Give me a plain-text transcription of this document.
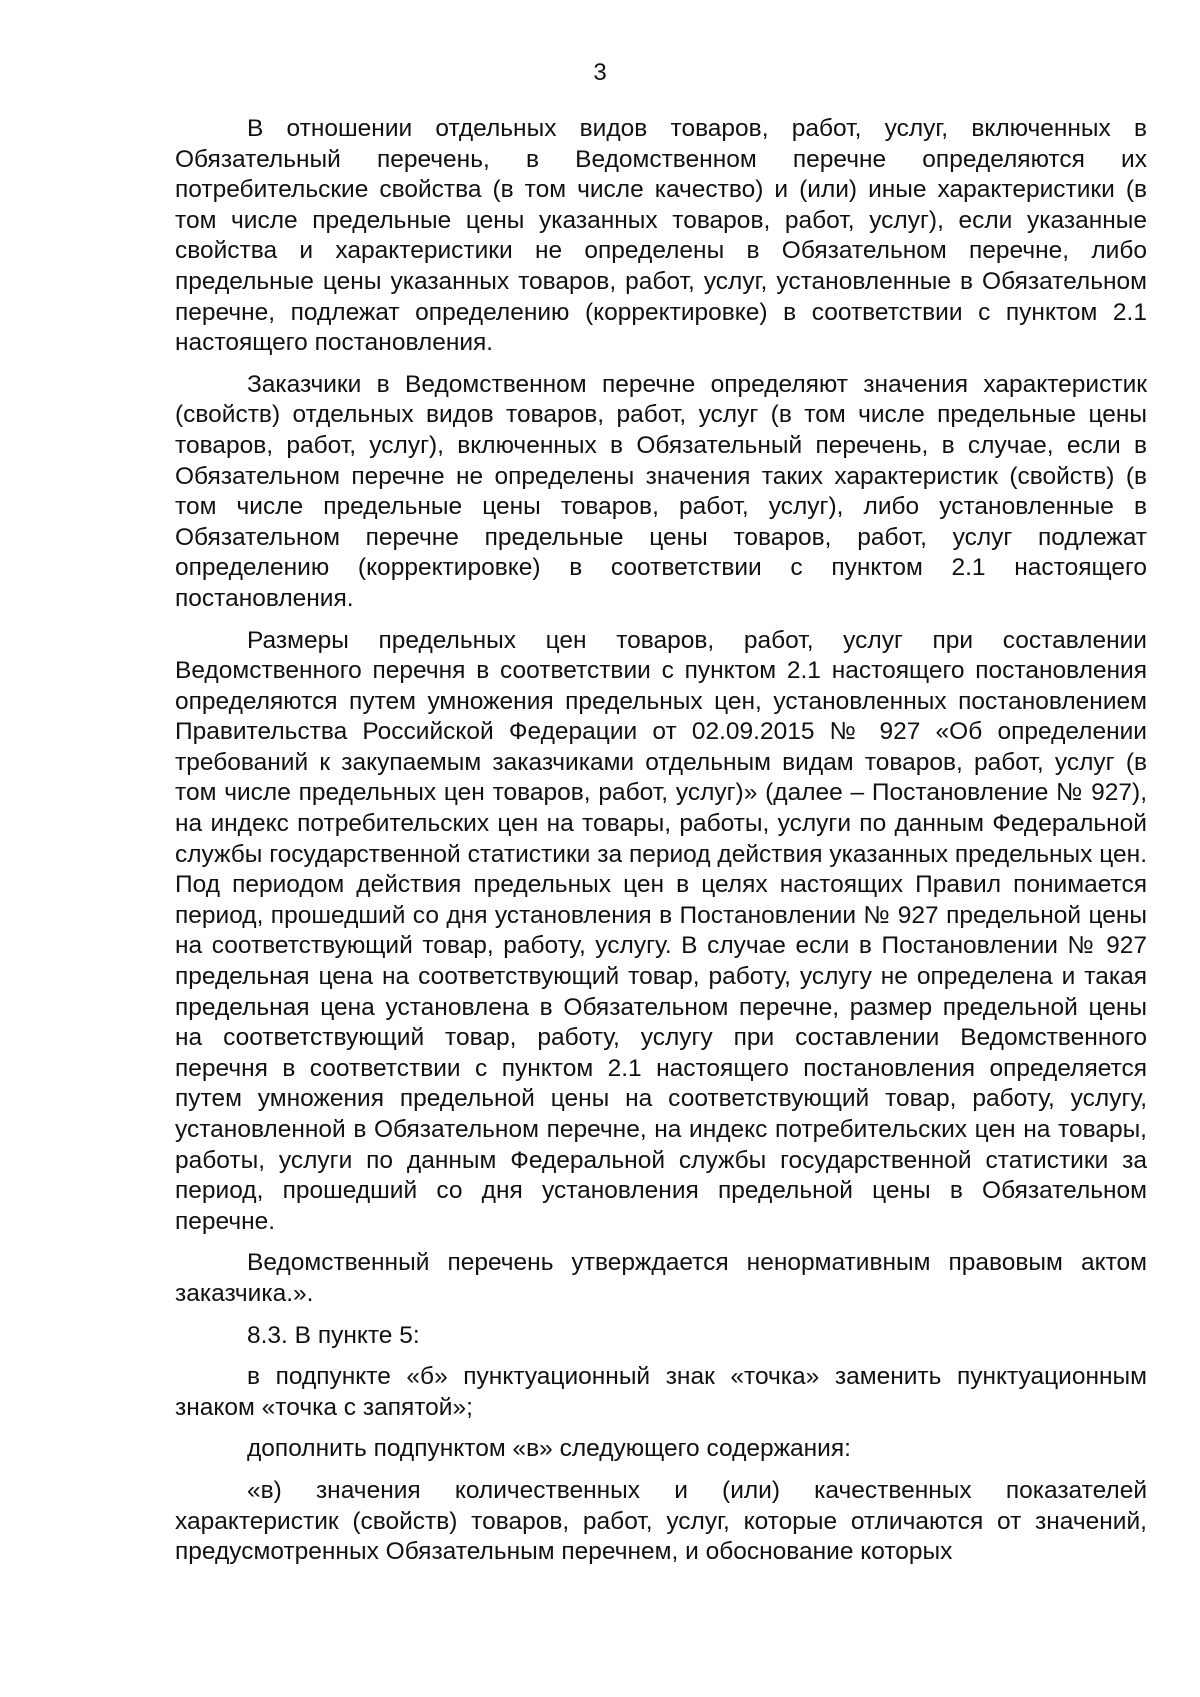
3

В отношении отдельных видов товаров, работ, услуг, включенных в Обязательный перечень, в Ведомственном перечне определяются их потребительские свойства (в том числе качество) и (или) иные характеристики (в том числе предельные цены указанных товаров, работ, услуг), если указанные свойства и характеристики не определены в Обязательном перечне, либо предельные цены указанных товаров, работ, услуг, установленные в Обязательном перечне, подлежат определению (корректировке) в соответствии с пунктом 2.1 настоящего постановления.

Заказчики в Ведомственном перечне определяют значения характеристик (свойств) отдельных видов товаров, работ, услуг (в том числе предельные цены товаров, работ, услуг), включенных в Обязательный перечень, в случае, если в Обязательном перечне не определены значения таких характеристик (свойств) (в том числе предельные цены товаров, работ, услуг), либо установленные в Обязательном перечне предельные цены товаров, работ, услуг подлежат определению (корректировке) в соответствии с пунктом 2.1 настоящего постановления.

Размеры предельных цен товаров, работ, услуг при составлении Ведомственного перечня в соответствии с пунктом 2.1 настоящего постановления определяются путем умножения предельных цен, установленных постановлением Правительства Российской Федерации от 02.09.2015 № 927 «Об определении требований к закупаемым заказчиками отдельным видам товаров, работ, услуг (в том числе предельных цен товаров, работ, услуг)» (далее – Постановление № 927), на индекс потребительских цен на товары, работы, услуги по данным Федеральной службы государственной статистики за период действия указанных предельных цен. Под периодом действия предельных цен в целях настоящих Правил понимается период, прошедший со дня установления в Постановлении № 927 предельной цены на соответствующий товар, работу, услугу. В случае если в Постановлении № 927 предельная цена на соответствующий товар, работу, услугу не определена и такая предельная цена установлена в Обязательном перечне, размер предельной цены на соответствующий товар, работу, услугу при составлении Ведомственного перечня в соответствии с пунктом 2.1 настоящего постановления определяется путем умножения предельной цены на соответствующий товар, работу, услугу, установленной в Обязательном перечне, на индекс потребительских цен на товары, работы, услуги по данным Федеральной службы государственной статистики за период, прошедший со дня установления предельной цены в Обязательном перечне.

Ведомственный перечень утверждается ненормативным правовым актом заказчика.».

8.3. В пункте 5:

в подпункте «б» пунктуационный знак «точка» заменить пунктуационным знаком «точка с запятой»;

дополнить подпунктом «в» следующего содержания:

«в) значения количественных и (или) качественных показателей характеристик (свойств) товаров, работ, услуг, которые отличаются от значений, предусмотренных Обязательным перечнем, и обоснование которых
